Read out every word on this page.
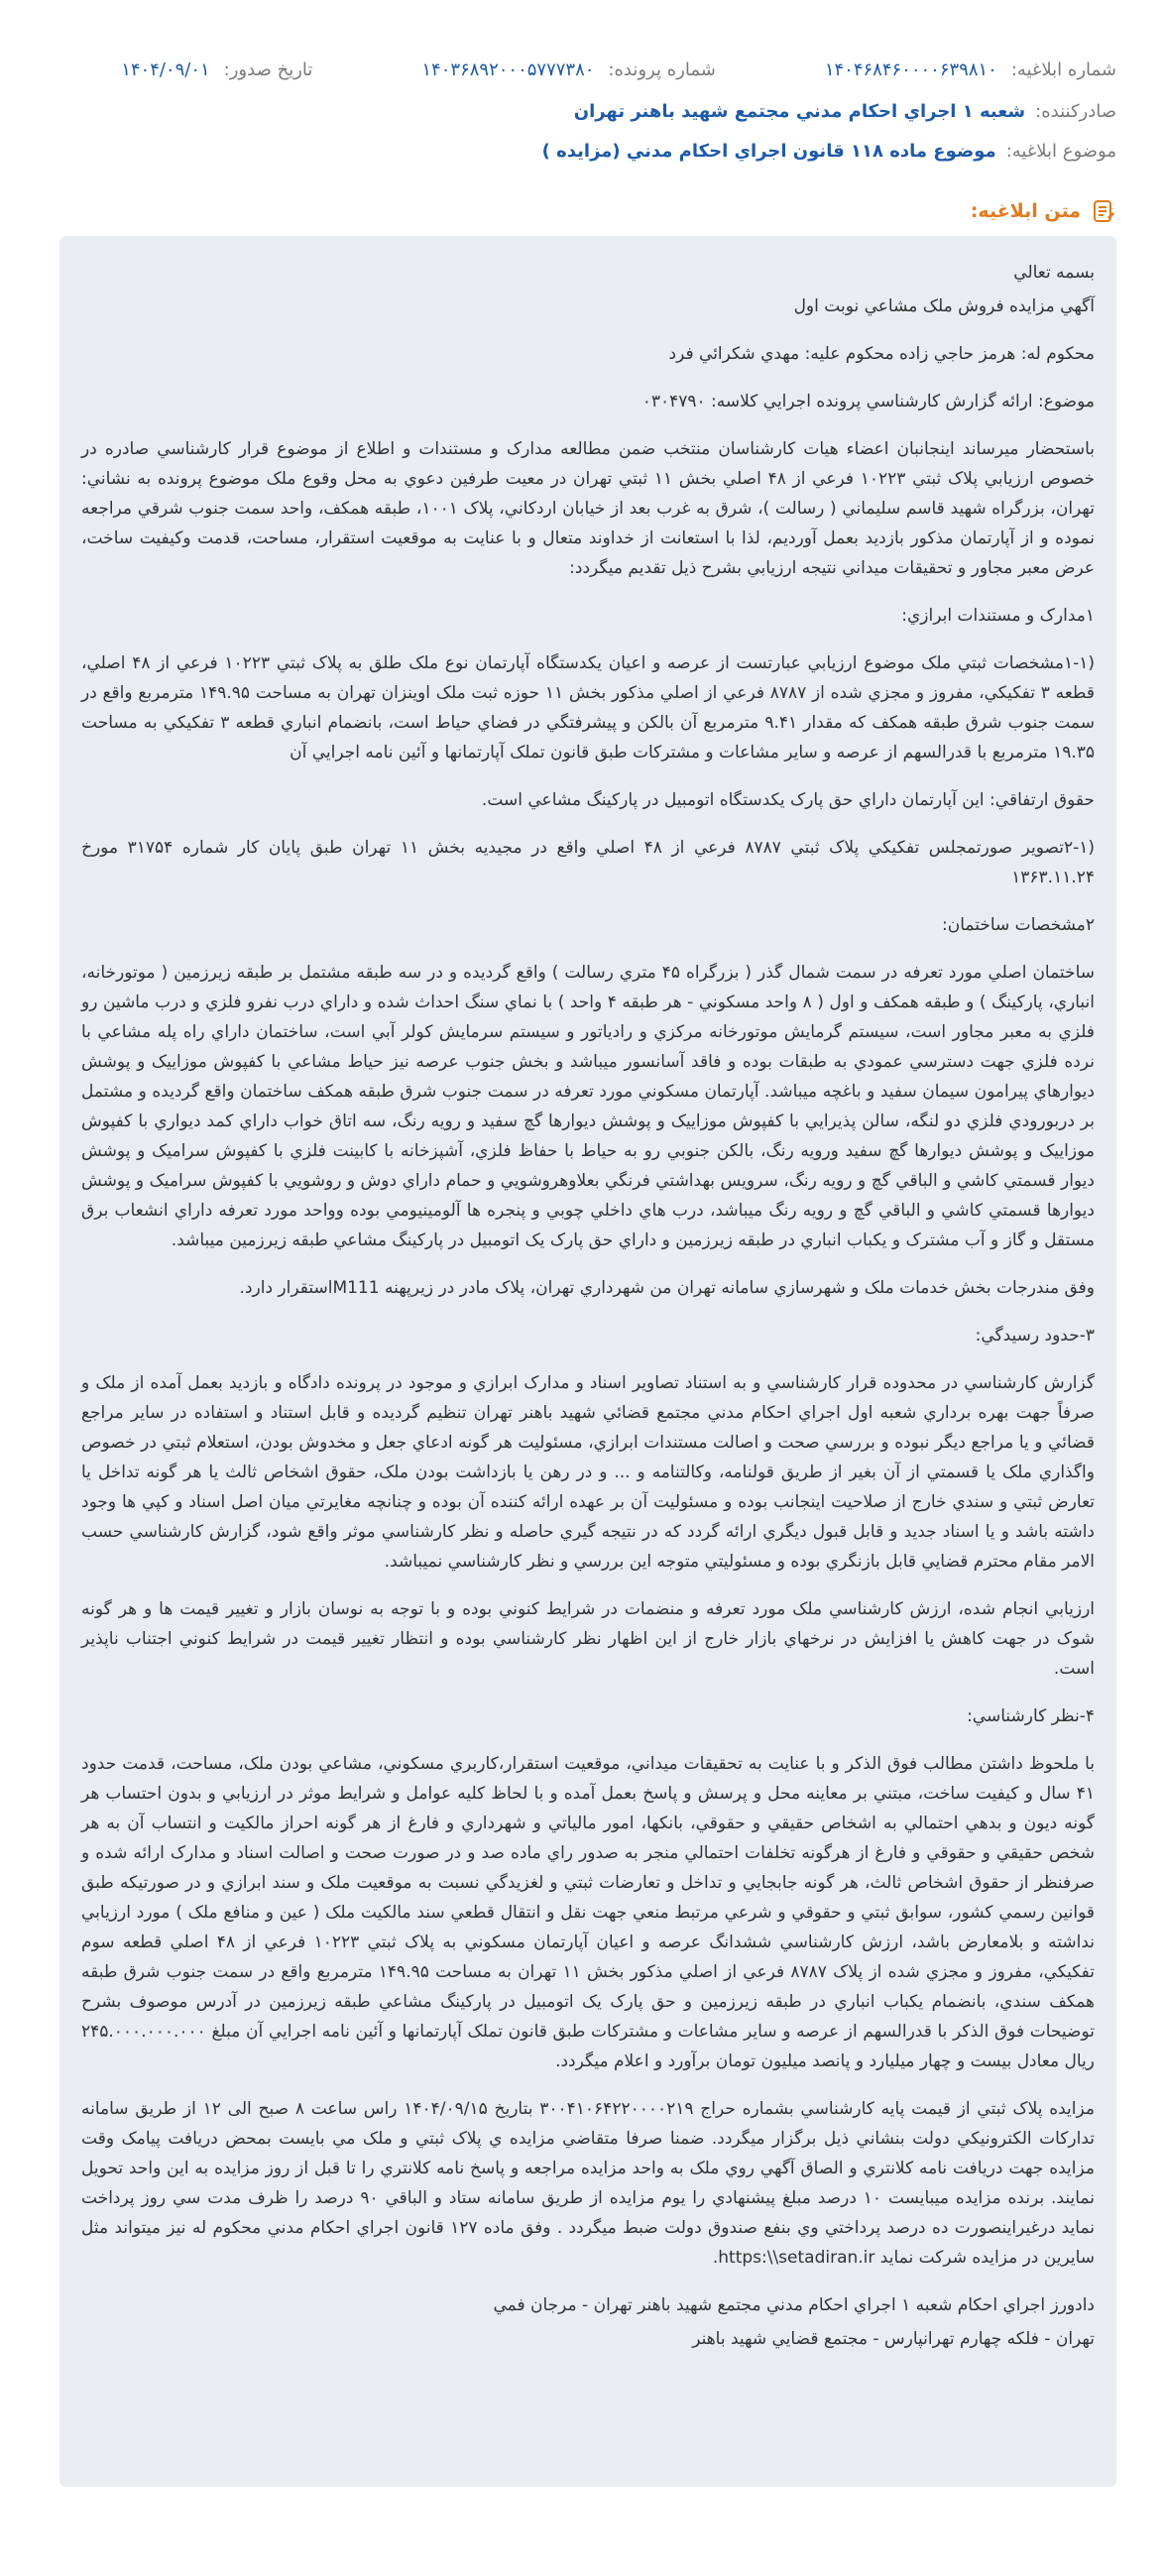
شماره ابلاغيه:
۱۴۰۴۶۸۴۶۰۰۰۰۶۳۹۸۱۰
شماره پرونده:
۱۴۰۳۶۸۹۲۰۰۰۵۷۷۷۳۸۰
تاريخ صدور:
۱۴۰۴/۰۹/۰۱
صادرکننده:
شعبه ۱ اجراي احکام مدني مجتمع شهيد باهنر تهران
موضوع ابلاغيه:
موضوع ماده ۱۱۸ قانون اجراي احکام مدني (مزايده )
متن ابلاغيه:

بسمه تعالي

آگهي مزايده فروش ملک مشاعي نوبت اول

محکوم له: هرمز حاجي زاده محکوم عليه: مهدي شکرائي فرد

موضوع: ارائه گزارش کارشناسي پرونده اجرايي کلاسه: ۰۳۰۴۷۹۰

باستحضار ميرساند اينجانبان اعضاء هيات کارشناسان منتخب ضمن مطالعه مدارک و مستندات و اطلاع از موضوع قرار کارشناسي صادره در خصوص ارزيابي پلاک ثبتي ۱۰۲۲۳ فرعي از ۴۸ اصلي بخش ۱۱ ثبتي تهران در معيت طرفين دعوي به محل وقوع ملک موضوع پرونده به نشاني: تهران، بزرگراه شهيد قاسم سليماني ( رسالت )، شرق به غرب بعد از خيابان اردکاني، پلاک ۱۰۰۱، طبقه همکف، واحد سمت جنوب شرقي مراجعه نموده و از آپارتمان مذکور بازديد بعمل آورديم، لذا با استعانت از خداوند متعال و با عنايت به موقعيت استقرار، مساحت، قدمت وکيفيت ساخت، عرض معبر مجاور و تحقيقات ميداني نتيجه ارزيابي بشرح ذيل تقديم ميگردد:

۱مدارک و مستندات ابرازي:

(۱-۱مشخصات ثبتي ملک موضوع ارزيابي عبارتست از عرصه و اعيان يکدستگاه آپارتمان نوع ملک طلق به پلاک ثبتي ۱۰۲۲۳ فرعي از ۴۸ اصلي، قطعه ۳ تفکيکي، مفروز و مجزي شده از ۸۷۸۷ فرعي از اصلي مذکور بخش ۱۱ حوزه ثبت ملک اوينزان تهران به مساحت ۱۴۹.۹۵ مترمربع واقع در سمت جنوب شرق طبقه همکف که مقدار ۹.۴۱ مترمربع آن بالکن و پيشرفتگي در فضاي حياط است، بانضمام انباري قطعه ۳ تفکيکي به مساحت ۱۹.۳۵ مترمربع با قدرالسهم از عرصه و ساير مشاعات و مشترکات طبق قانون تملک آپارتمانها و آئين نامه اجرايي آن

حقوق ارتفاقي: اين آپارتمان داراي حق پارک يکدستگاه اتومبيل در پارکينگ مشاعي است.

(۲-۱تصوير صورتمجلس تفکيکي پلاک ثبتي ۸۷۸۷ فرعي از ۴۸ اصلي واقع در مجيديه بخش ۱۱ تهران طبق پايان کار شماره ۳۱۷۵۴ مورخ ۱۳۶۳.۱۱.۲۴

۲مشخصات ساختمان:

ساختمان اصلي مورد تعرفه در سمت شمال گذر ( بزرگراه ۴۵ متري رسالت ) واقع گرديده و در سه طبقه مشتمل بر طبقه زيرزمين ( موتورخانه، انباري، پارکينگ ) و طبقه همکف و اول ( ۸ واحد مسکوني - هر طبقه ۴ واحد ) با نماي سنگ احداث شده و داراي درب نفرو فلزي و درب ماشين رو فلزي به معبر مجاور است، سيستم گرمايش موتورخانه مرکزي و رادياتور و سيستم سرمايش کولر آبي است، ساختمان داراي راه پله مشاعي با نرده فلزي جهت دسترسي عمودي به طبقات بوده و فاقد آسانسور ميباشد و بخش جنوب عرصه نيز حياط مشاعي با کفپوش موزاييک و پوشش ديوارهاي پيرامون سيمان سفيد و باغچه ميباشد. آپارتمان مسکوني مورد تعرفه در سمت جنوب شرق طبقه همکف ساختمان واقع گرديده و مشتمل بر دربورودي فلزي دو لنگه، سالن پذيرايي با کفپوش موزاييک و پوشش ديوارها گچ سفيد و رويه رنگ، سه اتاق خواب داراي کمد ديواري با کفپوش موزاييک و پوشش ديوارها گچ سفيد ورويه رنگ، بالکن جنوبي رو به حياط با حفاظ فلزي، آشپزخانه با کابينت فلزي با کفپوش سراميک و پوشش ديوار قسمتي کاشي و الباقي گچ و رويه رنگ، سرويس بهداشتي فرنگي بعلاوهروشويي و حمام داراي دوش و روشويي با کفپوش سراميک و پوشش ديوارها قسمتي کاشي و الباقي گچ و رويه رنگ ميباشد، درب هاي داخلي چوبي و پنجره ها آلومينيومي بوده وواحد مورد تعرفه داراي انشعاب برق مستقل و گاز و آب مشترک و يکباب انباري در طبقه زيرزمين و داراي حق پارک يک اتومبيل در پارکينگ مشاعي طبقه زيرزمين ميباشد.

وفق مندرجات بخش خدمات ملک و شهرسازي سامانه تهران من شهرداري تهران، پلاک مادر در زيرپهنه M111استقرار دارد.

۳-حدود رسيدگي:

گزارش کارشناسي در محدوده قرار کارشناسي و به استناد تصاوير اسناد و مدارک ابرازي و موجود در پرونده دادگاه و بازديد بعمل آمده از ملک و صرفاً جهت بهره برداري شعبه اول اجراي احکام مدني مجتمع قضائي شهيد باهنر تهران تنظيم گرديده و قابل استناد و استفاده در ساير مراجع قضائي و يا مراجع ديگر نبوده و بررسي صحت و اصالت مستندات ابرازي، مسئوليت هر گونه ادعاي جعل و مخدوش بودن، استعلام ثبتي در خصوص واگذاري ملک يا قسمتي از آن بغير از طريق قولنامه، وکالتنامه و ... و در رهن يا بازداشت بودن ملک، حقوق اشخاص ثالث يا هر گونه تداخل يا تعارض ثبتي و سندي خارج از صلاحيت اينجانب بوده و مسئوليت آن بر عهده ارائه کننده آن بوده و چنانچه مغايرتي ميان اصل اسناد و کپي ها وجود داشته باشد و يا اسناد جديد و قابل قبول ديگري ارائه گردد که در نتيجه گيري حاصله و نظر کارشناسي موثر واقع شود، گزارش کارشناسي حسب الامر مقام محترم قضايي قابل بازنگري بوده و مسئوليتي متوجه اين بررسي و نظر کارشناسي نميباشد.

ارزيابي انجام شده، ارزش کارشناسي ملک مورد تعرفه و منضمات در شرايط کنوني بوده و با توجه به نوسان بازار و تغيير قيمت ها و هر گونه شوک در جهت کاهش يا افزايش در نرخهاي بازار خارج از اين اظهار نظر کارشناسي بوده و انتظار تغيير قيمت در شرايط کنوني اجتناب ناپذير است.

۴-نظر کارشناسي:

با ملحوظ داشتن مطالب فوق الذکر و با عنايت به تحقيقات ميداني، موقعيت استقرار،کاربري مسکوني، مشاعي بودن ملک، مساحت، قدمت حدود ۴۱ سال و کيفيت ساخت، مبتني بر معاينه محل و پرسش و پاسخ بعمل آمده و با لحاظ کليه عوامل و شرايط موثر در ارزيابي و بدون احتساب هر گونه ديون و بدهي احتمالي به اشخاص حقيقي و حقوقي، بانکها، امور مالياتي و شهرداري و فارغ از هر گونه احراز مالکيت و انتساب آن به هر شخص حقيقي و حقوقي و فارغ از هرگونه تخلفات احتمالي منجر به صدور راي ماده صد و در صورت صحت و اصالت اسناد و مدارک ارائه شده و صرفنظر از حقوق اشخاص ثالث، هر گونه جابجايي و تداخل و تعارضات ثبتي و لغزيدگي نسبت به موقعيت ملک و سند ابرازي و در صورتيکه طبق قوانين رسمي کشور، سوابق ثبتي و حقوقي و شرعي مرتبط منعي جهت نقل و انتقال قطعي سند مالکيت ملک ( عين و منافع ملک ) مورد ارزيابي نداشته و بلامعارض باشد، ارزش کارشناسي ششدانگ عرصه و اعيان آپارتمان مسکوني به پلاک ثبتي ۱۰۲۲۳ فرعي از ۴۸ اصلي قطعه سوم تفکيکي، مفروز و مجزي شده از پلاک ۸۷۸۷ فرعي از اصلي مذکور بخش ۱۱ تهران به مساحت ۱۴۹.۹۵ مترمربع واقع در سمت جنوب شرق طبقه همکف سندي، بانضمام يکباب انباري در طبقه زيرزمين و حق پارک يک اتومبيل در پارکينگ مشاعي طبقه زيرزمين در آدرس موصوف بشرح توضيحات فوق الذکر با قدرالسهم از عرصه و ساير مشاعات و مشترکات طبق قانون تملک آپارتمانها و آئين نامه اجرايي آن مبلغ ۲۴۵.۰۰۰.۰۰۰.۰۰۰ ريال معادل بيست و چهار ميليارد و پانصد ميليون تومان برآورد و اعلام ميگردد.

مزايده پلاک ثبتي از قيمت پايه کارشناسي بشماره حراج ۳۰۰۴۱۰۶۴۲۲۰۰۰۰۲۱۹ بتاريخ ۱۴۰۴/۰۹/۱۵ راس ساعت ۸ صبح الى ۱۲ از طريق سامانه تدارکات الکترونيکي دولت بنشاني ذيل برگزار ميگردد. ضمنا صرفا متقاضي مزايده ي پلاک ثبتي و ملک مي بايست بمحض دريافت پيامک وقت مزايده جهت دريافت نامه کلانتري و الصاق آگهي روي ملک به واحد مزايده مراجعه و پاسخ نامه کلانتري را تا قبل از روز مزايده به اين واحد تحويل نمايند. برنده مزايده ميبايست ۱۰ درصد مبلغ پيشنهادي را يوم مزايده از طريق سامانه ستاد و الباقي ۹۰ درصد را ظرف مدت سي روز پرداخت نمايد درغيراينصورت ده درصد پرداختي وي بنفع صندوق دولت ضبط ميگردد . وفق ماده ۱۲۷ قانون اجراي احکام مدني محکوم له نيز ميتواند مثل سايرين در مزايده شرکت نمايد https:\\setadiran.ir.

دادورز اجراي احکام شعبه ۱ اجراي احکام مدني مجتمع شهيد باهنر تهران - مرجان فمي

تهران - فلکه چهارم تهرانپارس - مجتمع قضايي شهيد باهنر
